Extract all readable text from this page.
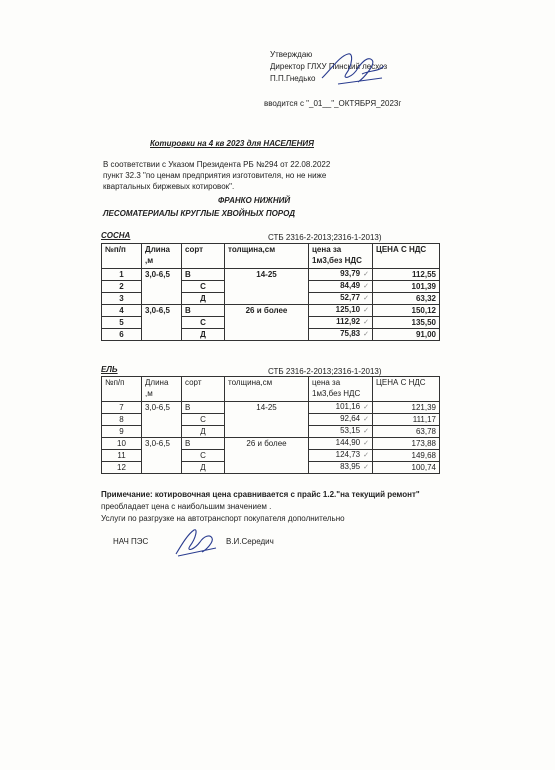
Утверждаю
Директор ГЛХУ Пинский лесхоз
П.П.Гнедько
вводится с "_01__"_ОКТЯБРЯ_2023г
Котировки на 4 кв 2023 для НАСЕЛЕНИЯ
В соответствии с Указом Президента РБ №294 от 22.08.2022
пункт 32.3 "по ценам предприятия изготовителя, но не ниже
квартальных биржевых котировок".
ФРАНКО НИЖНИЙ
ЛЕСОМАТЕРИАЛЫ КРУГЛЫЕ ХВОЙНЫХ ПОРОД
СОСНА	СТБ 2316-2-2013;2316-1-2013)
№п/п	Длина ,м	сорт	толщина,см	цена за
1м3,без НДС	ЦЕНА С НДС
1	3,0-6,5	В	14-25	93,79 ✓	112,55
2		С		84,49 ✓	101,39
3		Д		52,77 ✓	63,32
4	3,0-6,5	В	26 и более	125,10 ✓	150,12
5		С		112,92 ✓	135,50
6		Д		75,83 ✓	91,00
ЕЛЬ	СТБ 2316-2-2013;2316-1-2013)
№п/п	Длина ,м	сорт	толщина,см	цена за
1м3,без НДС	ЦЕНА С НДС
7	3,0-6,5	В	14-25	101,16 ✓	121,39
8		С		92,64 ✓	111,17
9		Д		53,15 ✓	63,78
10	3,0-6,5	В	26 и более	144,90 ✓	173,88
11		С		124,73 ✓	149,68
12		Д		83,95 ✓	100,74
Примечание: котировочная цена сравнивается с прайс 1.2."на текущий ремонт"
преобладает цена с наибольшим значением .
Услуги по разгрузке на автотранспорт покупателя дополнительно
НАЧ ПЭС	В.И.Середич
